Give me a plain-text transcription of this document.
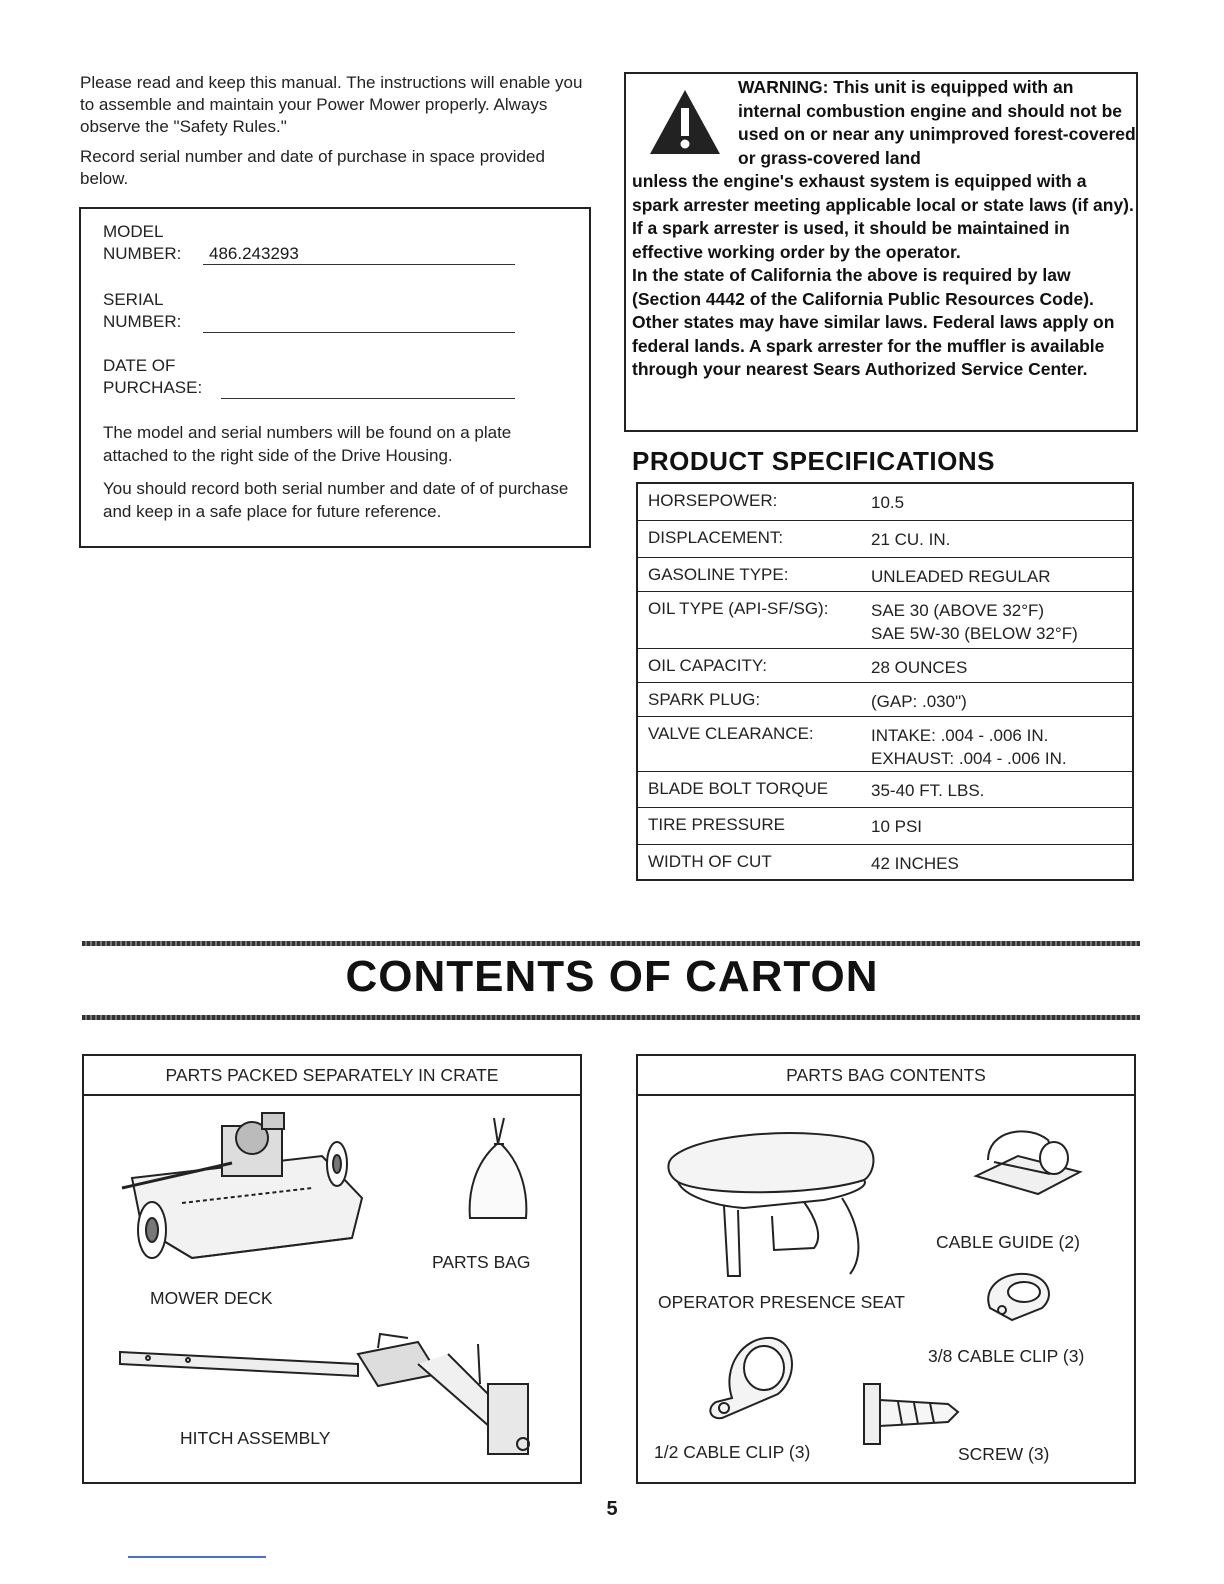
Please read and keep this manual. The instructions will enable you to assemble and maintain your Power Mower properly. Always observe the "Safety Rules."

Record serial number and date of purchase in space provided below.

MODEL
NUMBER:	486.243293
SERIAL
NUMBER:
DATE OF
PURCHASE:
The model and serial numbers will be found on a plate attached to the right side of the Drive Housing.
You should record both serial number and date of of purchase and keep in a safe place for future reference.
WARNING: This unit is equipped with an internal combustion engine and should not be used on or near any unimproved forest-covered or grass-covered land
unless the engine's exhaust system is equipped with a spark arrester meeting applicable local or state laws (if any). If a spark arrester is used, it should be maintained in effective working order by the operator.
In the state of California the above is required by law (Section 4442 of the California Public Resources Code). Other states may have similar laws. Federal laws apply on federal lands. A spark arrester for the muffler is available through your nearest Sears Authorized Service Center.
PRODUCT SPECIFICATIONS
HORSEPOWER:	10.5
DISPLACEMENT:	21 CU. IN.
GASOLINE TYPE:	UNLEADED REGULAR
OIL TYPE (API-SF/SG):	SAE 30 (ABOVE 32°F)
SAE 5W-30 (BELOW 32°F)
OIL CAPACITY:	28 OUNCES
SPARK PLUG:	(GAP: .030")
VALVE CLEARANCE:	INTAKE: .004 - .006 IN.
EXHAUST: .004 - .006 IN.
BLADE BOLT TORQUE	35-40 FT. LBS.
TIRE PRESSURE	10 PSI
WIDTH OF CUT	42 INCHES
CONTENTS OF CARTON
PARTS PACKED SEPARATELY IN CRATE
MOWER DECK
PARTS BAG
HITCH ASSEMBLY
PARTS BAG CONTENTS
OPERATOR PRESENCE SEAT
CABLE GUIDE (2)
3/8 CABLE CLIP (3)
1/2 CABLE CLIP (3)	SCREW (3)
5
